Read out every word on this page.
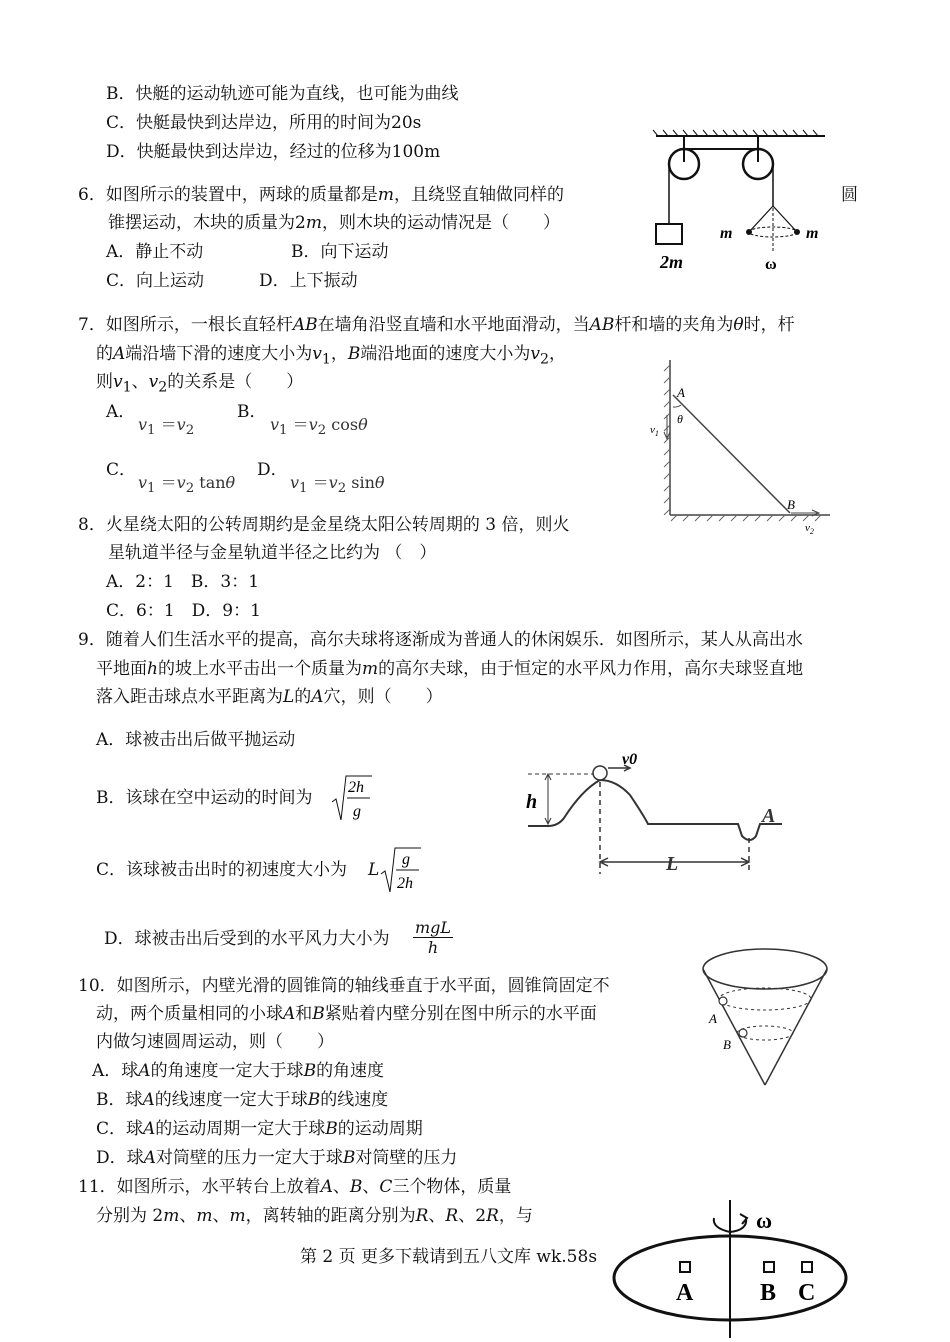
B．快艇的运动轨迹可能为直线，也可能为曲线
C．快艇最快到达岸边，所用的时间为20s
D．快艇最快到达岸边，经过的位移为100m
6．如图所示的装置中，两球的质量都是m，且绕竖直轴做同样的	圆
锥摆运动，木块的质量为2m，则木块的运动情况是（　　）
A．静止不动	B．向下运动
C．向上运动	D．上下振动
2m
m	m
ω
7．如图所示，一根长直轻杆AB在墙角沿竖直墙和水平地面滑动，当AB杆和墙的夹角为θ时，杆
的A端沿墙下滑的速度大小为$v_1$，B端沿地面的速度大小为$v_2$，
则$v_1$、$v_2$的关系是（　　）
A．
$v_1 =v_2$
B．
$v_1 =v_2$ cosθ
C．
$v_1 =v_2$ tanθ
D．
$v_1 =v_2$ sinθ
A
θ
B
$v_1$
$v_2$
8．火星绕太阳的公转周期约是金星绕太阳公转周期的 3 倍，则火
星轨道半径与金星轨道半径之比约为 （　）
A．2：1　B．3：1
C．6：1　D．9：1
9．随着人们生活水平的提高，高尔夫球将逐渐成为普通人的休闲娱乐．如图所示，某人从高出水
平地面h的坡上水平击出一个质量为m的高尔夫球，由于恒定的水平风力作用，高尔夫球竖直地
落入距击球点水平距离为L的A穴，则（　　）
A．球被击出后做平抛运动
B．该球在空中运动的时间为
2h
g
C．该球被击出时的初速度大小为 L
g
2h
D．球被击出后受到的水平风力大小为
mgL
h
v0
h
L
A
10．如图所示，内壁光滑的圆锥筒的轴线垂直于水平面，圆锥筒固定不
动，两个质量相同的小球A和B紧贴着内壁分别在图中所示的水平面
内做匀速圆周运动，则（　　）
A．球A的角速度一定大于球B的角速度
B．球A的线速度一定大于球B的线速度
C．球A的运动周期一定大于球B的运动周期
D．球A对筒壁的压力一定大于球B对筒壁的压力
A
B
11．如图所示，水平转台上放着A、B、C三个物体，质量
分别为 2m、m、m，离转轴的距离分别为R、R、2R，与	ω
A	B C
第 2 页 更多下载请到五八文库 wk.58s
